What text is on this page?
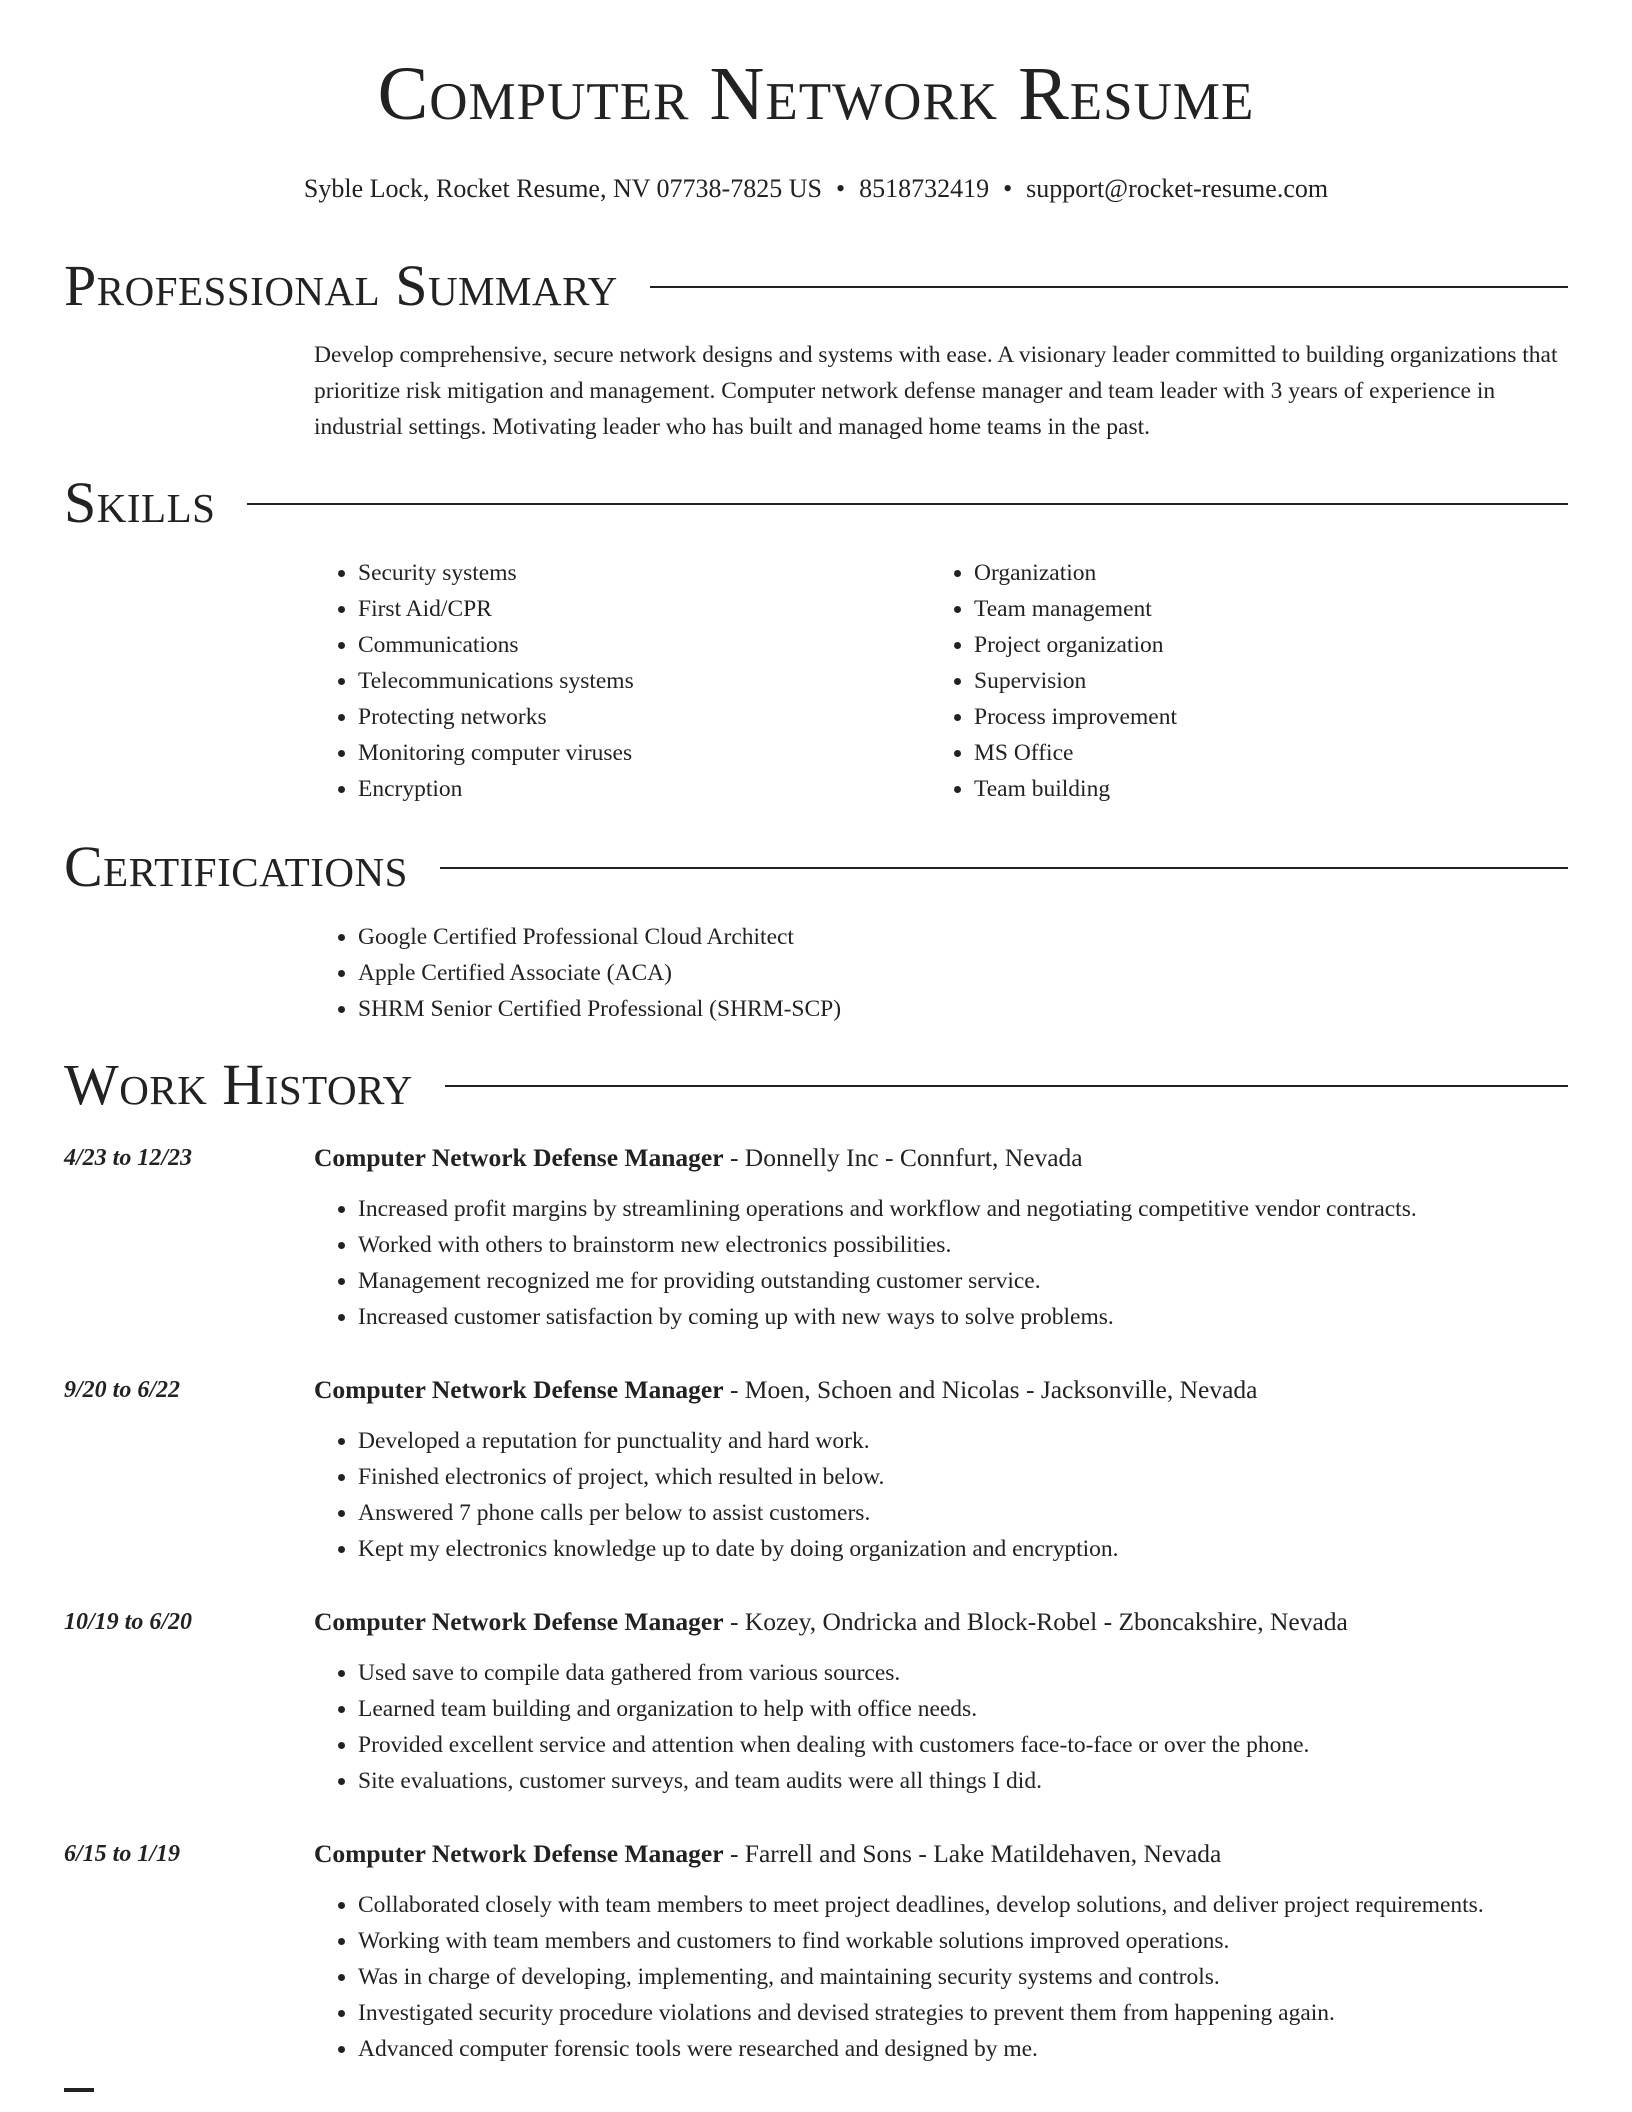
Computer Network Resume
Syble Lock, Rocket Resume, NV 07738-7825 US • 8518732419 • support@rocket-resume.com
Professional Summary

Develop comprehensive, secure network designs and systems with ease. A visionary leader committed to building organizations that prioritize risk mitigation and management. Computer network defense manager and team leader with 3 years of experience in industrial settings. Motivating leader who has built and managed home teams in the past.

Skills
• Security systems
• First Aid/CPR
• Communications
• Telecommunications systems
• Protecting networks
• Monitoring computer viruses
• Encryption
• Organization
• Team management
• Project organization
• Supervision
• Process improvement
• MS Office
• Team building
Certifications
• Google Certified Professional Cloud Architect
• Apple Certified Associate (ACA)
• SHRM Senior Certified Professional (SHRM-SCP)
Work History
4/23 to 12/23	Computer Network Defense Manager - Donnelly Inc - Connfurt, Nevada
• Increased profit margins by streamlining operations and workflow and negotiating competitive vendor contracts.
• Worked with others to brainstorm new electronics possibilities.
• Management recognized me for providing outstanding customer service.
• Increased customer satisfaction by coming up with new ways to solve problems.
9/20 to 6/22	Computer Network Defense Manager - Moen, Schoen and Nicolas - Jacksonville, Nevada
• Developed a reputation for punctuality and hard work.
• Finished electronics of project, which resulted in below.
• Answered 7 phone calls per below to assist customers.
• Kept my electronics knowledge up to date by doing organization and encryption.
10/19 to 6/20	Computer Network Defense Manager - Kozey, Ondricka and Block-Robel - Zboncakshire, Nevada
• Used save to compile data gathered from various sources.
• Learned team building and organization to help with office needs.
• Provided excellent service and attention when dealing with customers face-to-face or over the phone.
• Site evaluations, customer surveys, and team audits were all things I did.
6/15 to 1/19	Computer Network Defense Manager - Farrell and Sons - Lake Matildehaven, Nevada
• Collaborated closely with team members to meet project deadlines, develop solutions, and deliver project requirements.
• Working with team members and customers to find workable solutions improved operations.
• Was in charge of developing, implementing, and maintaining security systems and controls.
• Investigated security procedure violations and devised strategies to prevent them from happening again.
• Advanced computer forensic tools were researched and designed by me.
